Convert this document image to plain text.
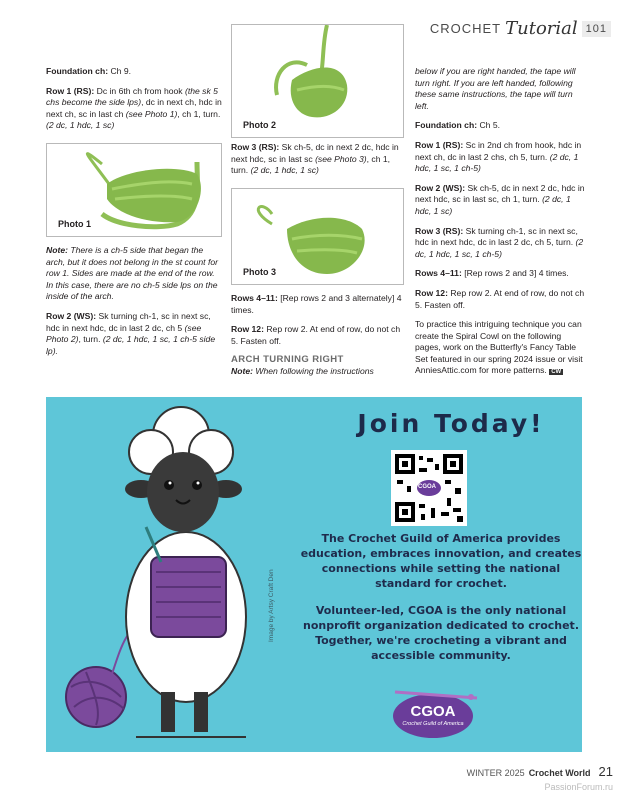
CROCHET Tutorial 101

Foundation ch: Ch 9.

Row 1 (RS): Dc in 6th ch from hook (the sk 5 chs become the side lps), dc in next ch, hdc in next ch, sc in last ch (see Photo 1), ch 1, turn. (2 dc, 1 hdc, 1 sc)

Photo 1

Note: There is a ch-5 side that began the arch, but it does not belong in the st count for row 1. Sides are made at the end of the row. In this case, there are no ch-5 side lps on the inside of the arch.

Row 2 (WS): Sk turning ch-1, sc in next sc, hdc in next hdc, dc in last 2 dc, ch 5 (see Photo 2), turn. (2 dc, 1 hdc, 1 sc, 1 ch-5 side lp).

Photo 2

Row 3 (RS): Sk ch-5, dc in next 2 dc, hdc in next hdc, sc in last sc (see Photo 3), ch 1, turn. (2 dc, 1 hdc, 1 sc)

Photo 3

Rows 4–11: [Rep rows 2 and 3 alternately] 4 times.

Row 12: Rep row 2. At end of row, do not ch 5. Fasten off.

ARCH TURNING RIGHT
Note: When following the instructions

below if you are right handed, the tape will turn right. If you are left handed, following these same instructions, the tape will turn left.

Foundation ch: Ch 5.

Row 1 (RS): Sc in 2nd ch from hook, hdc in next ch, dc in last 2 chs, ch 5, turn. (2 dc, 1 hdc, 1 sc, 1 ch-5)

Row 2 (WS): Sk ch-5, dc in next 2 dc, hdc in next hdc, sc in last sc, ch 1, turn. (2 dc, 1 hdc, 1 sc)

Row 3 (RS): Sk turning ch-1, sc in next sc, hdc in next hdc, dc in last 2 dc, ch 5, turn. (2 dc, 1 hdc, 1 sc, 1 ch-5)

Rows 4–11: [Rep rows 2 and 3] 4 times.

Row 12: Rep row 2. At end of row, do not ch 5. Fasten off.

To practice this intriguing technique you can create the Spiral Cowl on the following pages, work on the Butterfly's Fancy Table Set featured in our spring 2024 issue or visit AnniesAttic.com for more patterns. CW

Image by Artsy Craft Den
Join Today!
CGOA
The Crochet Guild of America provides education, embraces innovation, and creates connections while setting the national standard for crochet.
Volunteer-led, CGOA is the only national nonprofit organization dedicated to crochet. Together, we're crocheting a vibrant and accessible community.
CGOA
Crochet Guild of America
WINTER 2025 Crochet World 21
PassionForum.ru
